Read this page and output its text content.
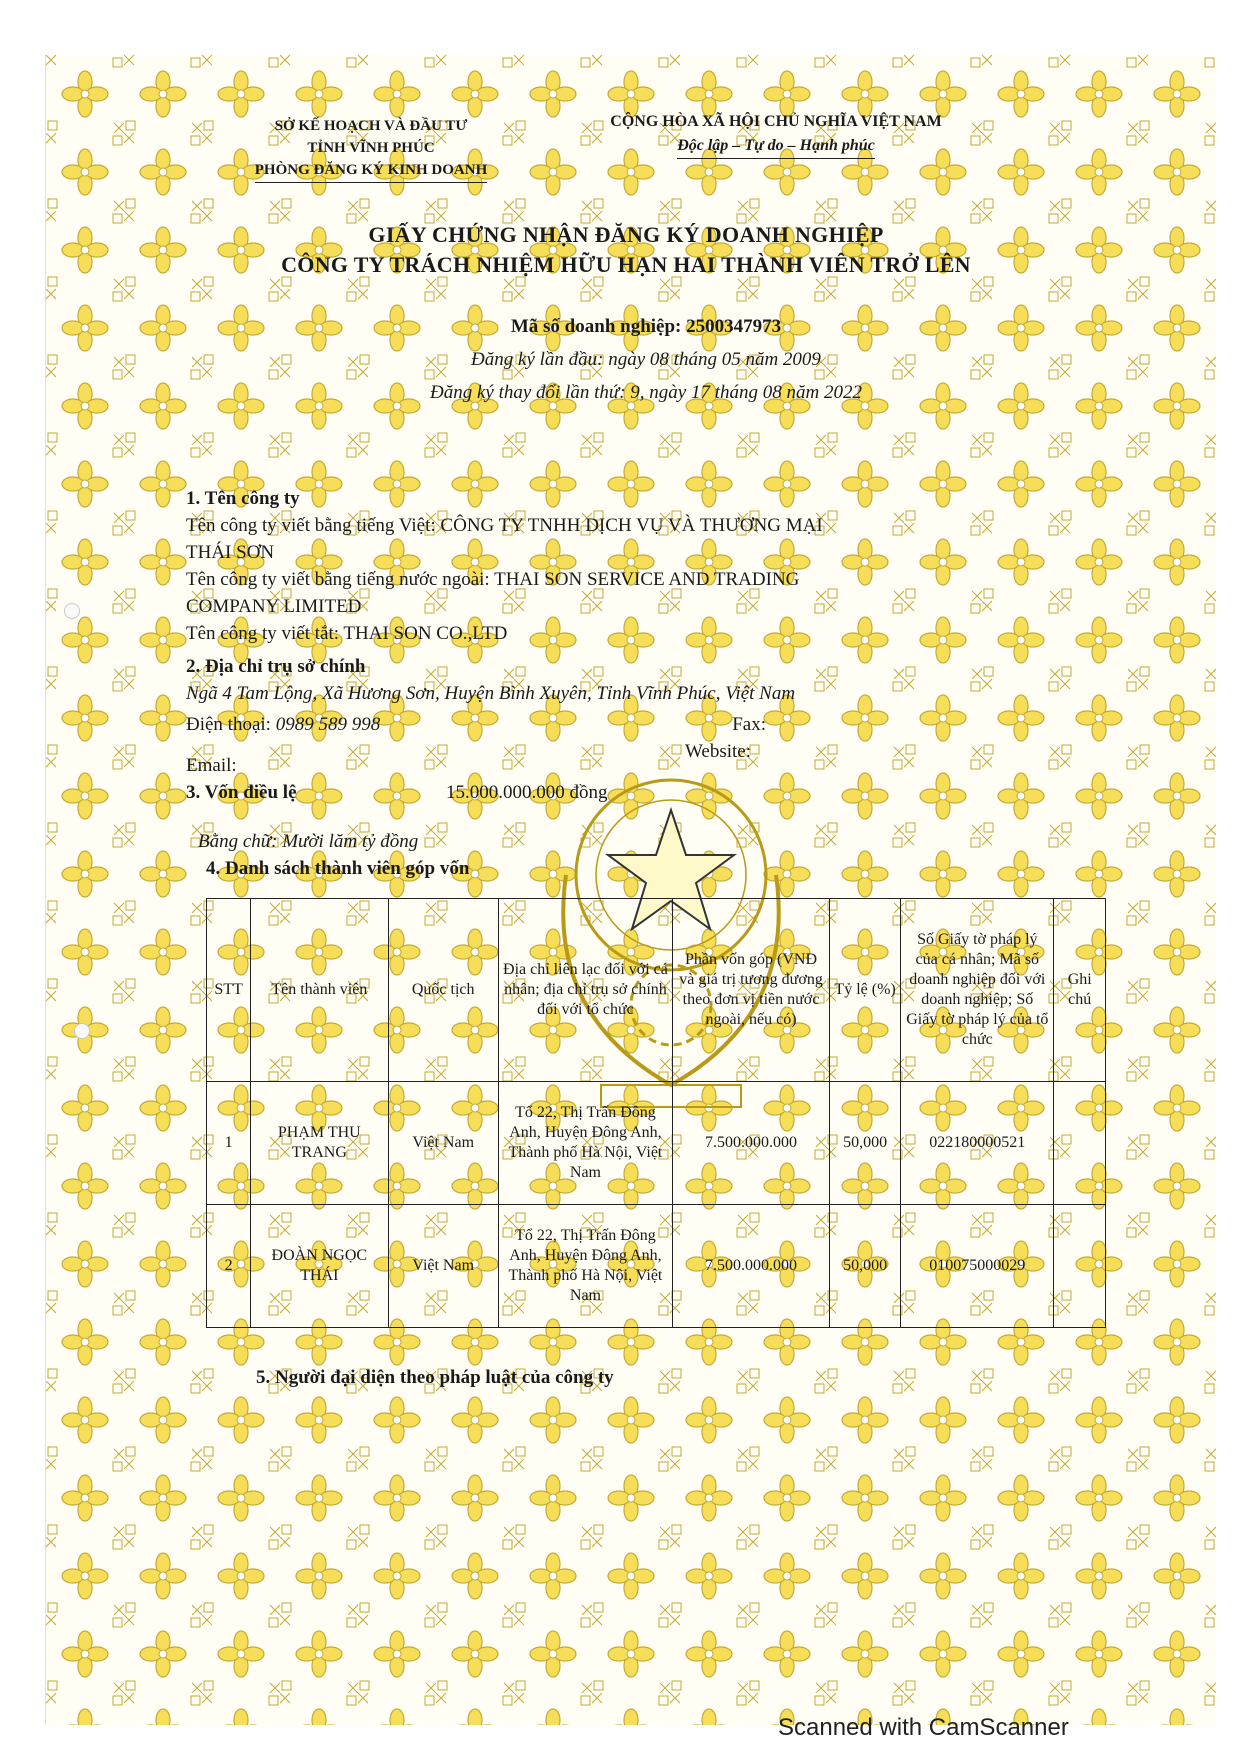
SỞ KẾ HOẠCH VÀ ĐẦU TƯ
TỈNH VĨNH PHÚC
PHÒNG ĐĂNG KÝ KINH DOANH
CỘNG HÒA XÃ HỘI CHỦ NGHĨA VIỆT NAM
Độc lập – Tự do – Hạnh phúc
GIẤY CHỨNG NHẬN ĐĂNG KÝ DOANH NGHIỆP
CÔNG TY TRÁCH NHIỆM HỮU HẠN HAI THÀNH VIÊN TRỞ LÊN
Mã số doanh nghiệp: 2500347973
Đăng ký lần đầu: ngày 08 tháng 05 năm 2009
Đăng ký thay đổi lần thứ: 9, ngày 17 tháng 08 năm 2022

1. Tên công ty

Tên công ty viết bằng tiếng Việt: CÔNG TY TNHH DỊCH VỤ VÀ THƯƠNG MẠI

THÁI SƠN

Tên công ty viết bằng tiếng nước ngoài: THAI SON SERVICE AND TRADING

COMPANY LIMITED

Tên công ty viết tắt: THAI SON CO.,LTD

2. Địa chỉ trụ sở chính

Ngã 4 Tam Lộng, Xã Hương Sơn, Huyện Bình Xuyên, Tỉnh Vĩnh Phúc, Việt Nam

Điện thoại: 0989 589 998	Fax:
Email:
Website:
3. Vốn điều lệ	15.000.000.000 đồng

Bằng chữ: Mười lăm tỷ đồng

4. Danh sách thành viên góp vốn

STT	Tên thành viên	Quốc tịch	Địa chỉ liên lạc đối với cá nhân; địa chỉ trụ sở chính đối với tổ chức	Phần vốn góp (VNĐ và giá trị tương đương theo đơn vị tiền nước ngoài, nếu có)	Tỷ lệ (%)	Số Giấy tờ pháp lý của cá nhân; Mã số doanh nghiệp đối với doanh nghiệp; Số Giấy tờ pháp lý của tổ chức	Ghi chú
1	PHẠM THU TRANG	Việt Nam	Tổ 22, Thị Trấn Đông Anh, Huyện Đông Anh, Thành phố Hà Nội, Việt Nam	7.500.000.000	50,000	022180000521	
2	ĐOÀN NGỌC THÁI	Việt Nam	Tổ 22, Thị Trấn Đông Anh, Huyện Đông Anh, Thành phố Hà Nội, Việt Nam	7.500.000.000	50,000	010075000029	
5. Người đại diện theo pháp luật của công ty
Scanned with CamScanner
